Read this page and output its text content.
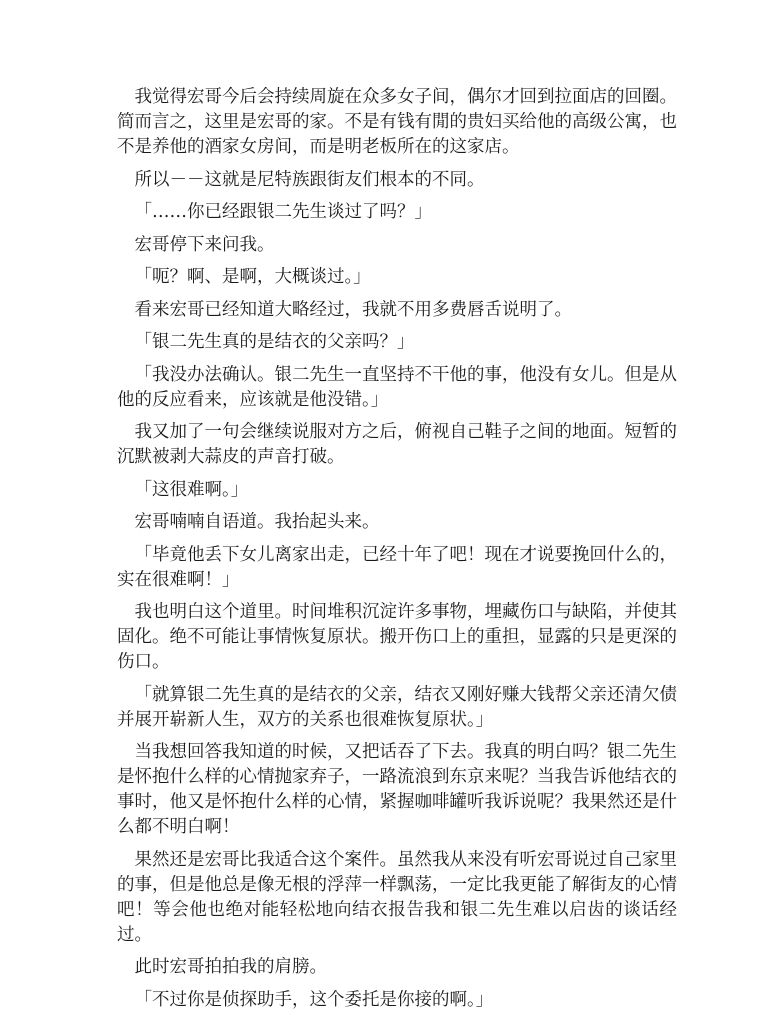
我觉得宏哥今后会持续周旋在众多女子间，偶尔才回到拉面店的回圈。简而言之，这里是宏哥的家。不是有钱有閒的贵妇买给他的高级公寓，也不是养他的酒家女房间，而是明老板所在的这家店。

所以－－这就是尼特族跟街友们根本的不同。

「……你已经跟银二先生谈过了吗？」

宏哥停下来问我。

「呃？啊、是啊，大概谈过。」

看来宏哥已经知道大略经过，我就不用多费唇舌说明了。

「银二先生真的是结衣的父亲吗？」

「我没办法确认。银二先生一直坚持不干他的事，他没有女儿。但是从他的反应看来，应该就是他没错。」

我又加了一句会继续说服对方之后，俯视自己鞋子之间的地面。短暂的沉默被剥大蒜皮的声音打破。

「这很难啊。」

宏哥喃喃自语道。我抬起头来。

「毕竟他丢下女儿离家出走，已经十年了吧！现在才说要挽回什么的，实在很难啊！」

我也明白这个道里。时间堆积沉淀许多事物，埋藏伤口与缺陷，并使其固化。绝不可能让事情恢复原状。搬开伤口上的重担，显露的只是更深的伤口。

「就算银二先生真的是结衣的父亲，结衣又刚好赚大钱帮父亲还清欠债并展开崭新人生，双方的关系也很难恢复原状。」

当我想回答我知道的时候，又把话吞了下去。我真的明白吗？银二先生是怀抱什么样的心情抛家弃子，一路流浪到东京来呢？当我告诉他结衣的事时，他又是怀抱什么样的心情，紧握咖啡罐听我诉说呢？我果然还是什么都不明白啊！

果然还是宏哥比我适合这个案件。虽然我从来没有听宏哥说过自己家里的事，但是他总是像无根的浮萍一样飘荡，一定比我更能了解街友的心情吧！等会他也绝对能轻松地向结衣报告我和银二先生难以启齿的谈话经过。

此时宏哥拍拍我的肩膀。

「不过你是侦探助手，这个委托是你接的啊。」
